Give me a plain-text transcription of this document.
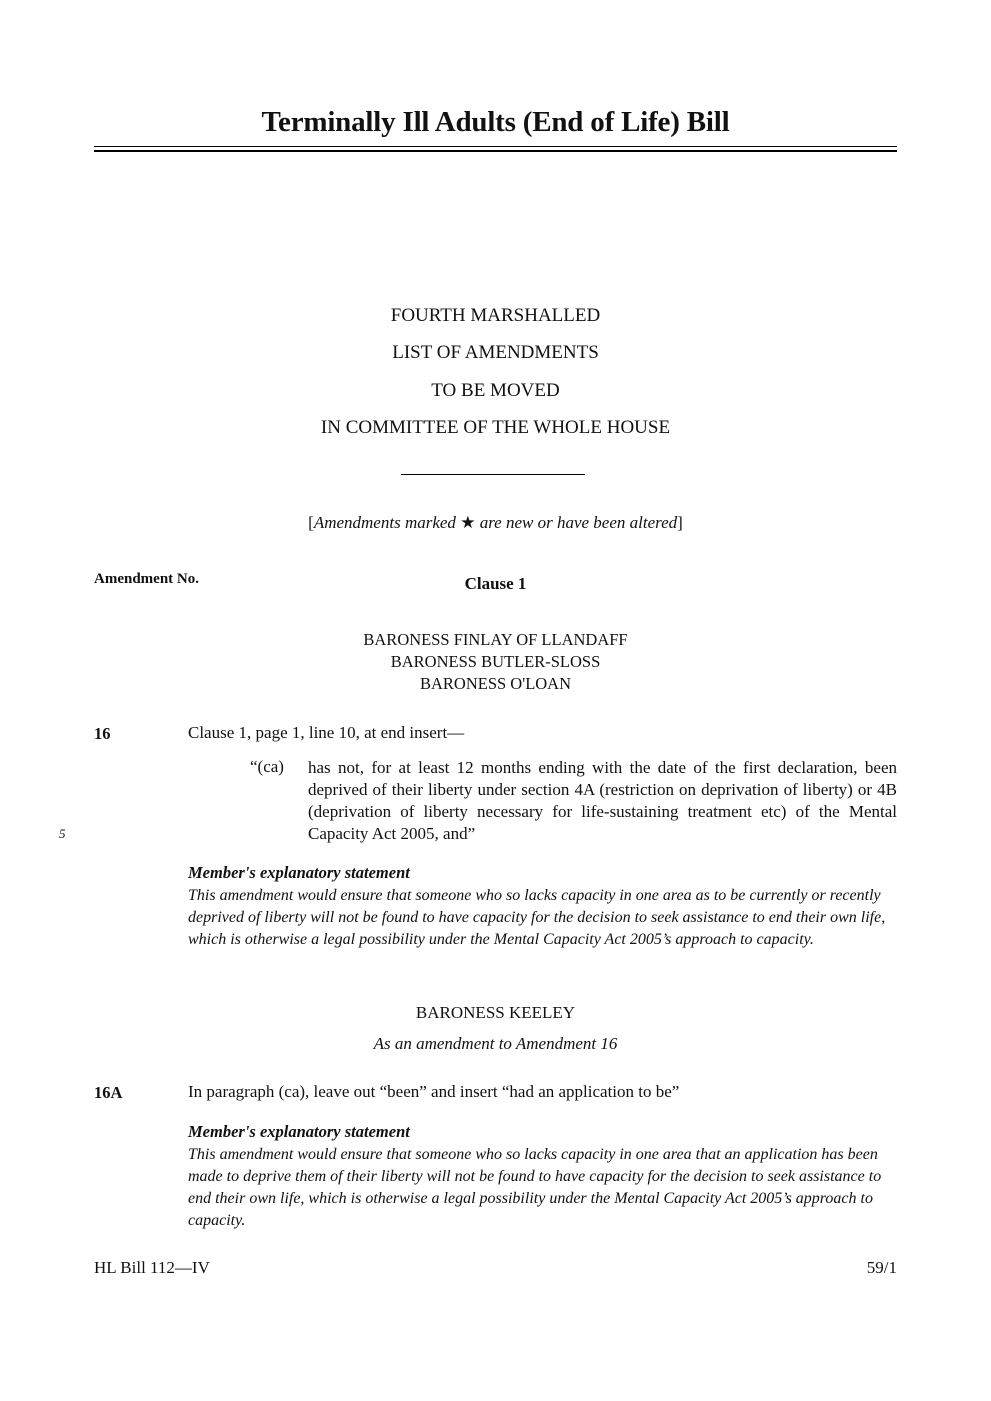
Terminally Ill Adults (End of Life) Bill
FOURTH MARSHALLED
LIST OF AMENDMENTS
TO BE MOVED
IN COMMITTEE OF THE WHOLE HOUSE
[Amendments marked ★ are new or have been altered]
Amendment No.	Clause 1
BARONESS FINLAY OF LLANDAFF
BARONESS BUTLER-SLOSS
BARONESS O'LOAN
16	Clause 1, page 1, line 10, at end insert—
“(ca) has not, for at least 12 months ending with the date of the first declaration, been deprived of their liberty under section 4A (restriction on deprivation of liberty) or 4B (deprivation of liberty necessary for life-sustaining treatment etc) of the Mental Capacity Act 2005, and”
5
Member's explanatory statement
This amendment would ensure that someone who so lacks capacity in one area as to be currently or recently deprived of liberty will not be found to have capacity for the decision to seek assistance to end their own life, which is otherwise a legal possibility under the Mental Capacity Act 2005’s approach to capacity.
BARONESS KEELEY
As an amendment to Amendment 16
16A	In paragraph (ca), leave out “been” and insert “had an application to be”
Member's explanatory statement
This amendment would ensure that someone who so lacks capacity in one area that an application has been made to deprive them of their liberty will not be found to have capacity for the decision to seek assistance to end their own life, which is otherwise a legal possibility under the Mental Capacity Act 2005’s approach to capacity.
HL Bill 112—IV	59/1
